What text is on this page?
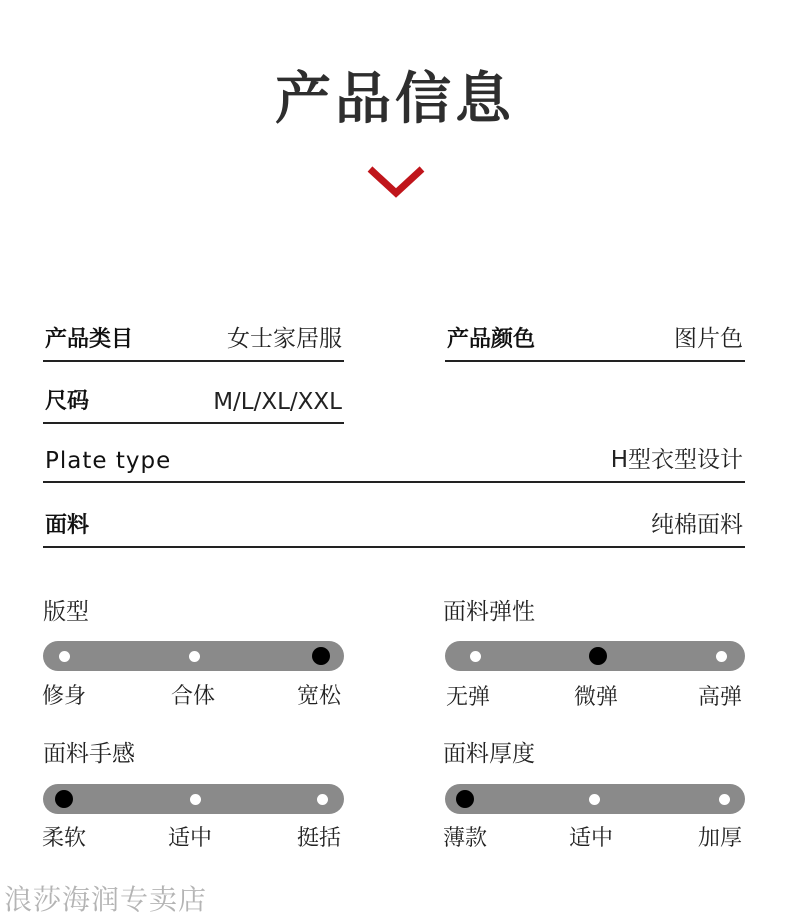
产品信息
产品类目	女士家居服	产品颜色	图片色
尺码	M/L/XL/XXL
Plate type	H型衣型设计
面料	纯棉面料
版型
修身	合体	宽松
面料弹性
无弹	微弹	高弹
面料手感
柔软	适中	挺括
面料厚度
薄款	适中	加厚
浪莎海润专卖店
